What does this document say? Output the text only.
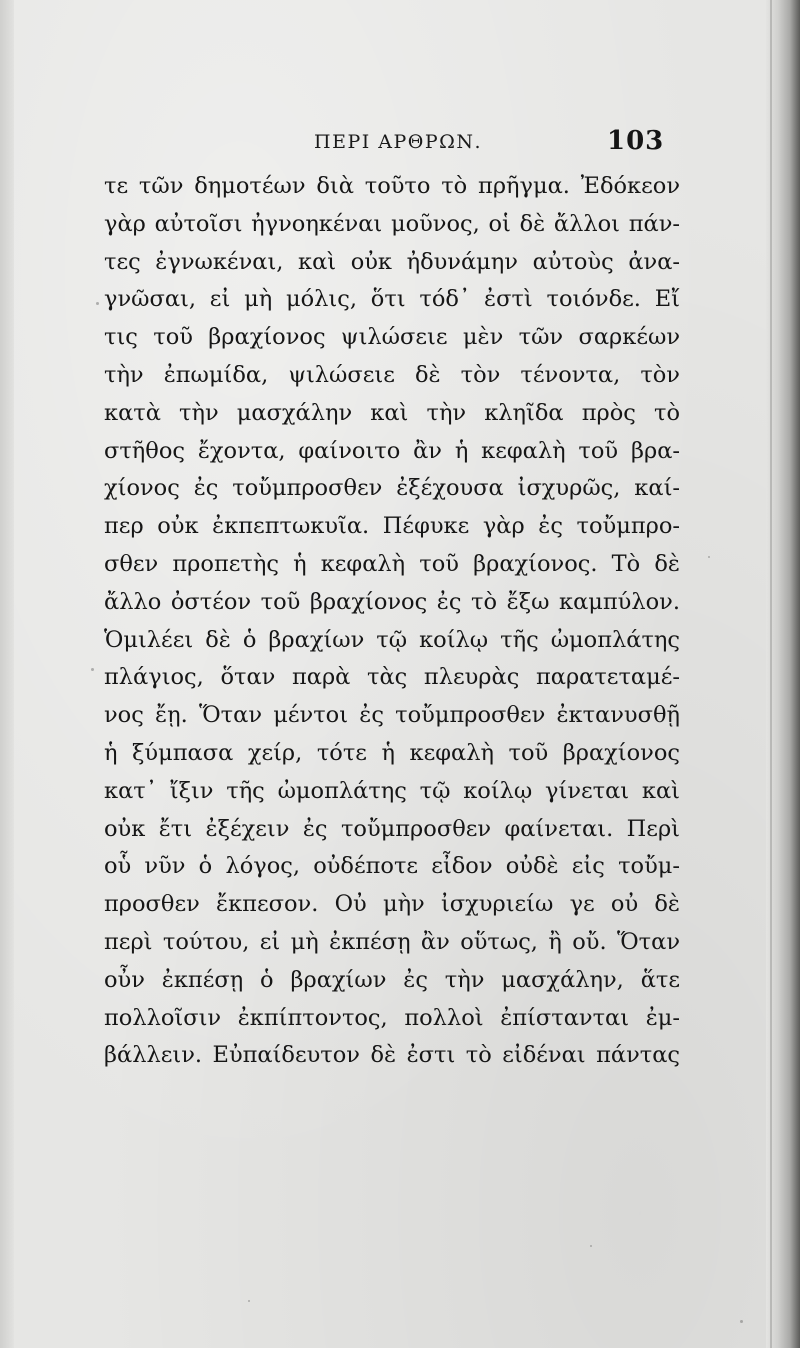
ΠΕΡΙ ΑΡΘΡΩΝ.	103
τε τῶν δημοτέων διὰ τοῦτο τὸ πρῆγμα. Ἐδόκεον
γὰρ αὐτοῖσι ἠγνοηκέναι μοῦνος, οἱ δὲ ἄλλοι πάν-
τες ἐγνωκέναι, καὶ οὐκ ἠδυνάμην αὐτοὺς ἀνα-
γνῶσαι, εἰ μὴ μόλις, ὅτι τόδ᾽ ἐστὶ τοιόνδε. Εἴ
τις τοῦ βραχίονος ψιλώσειε μὲν τῶν σαρκέων
τὴν ἐπωμίδα, ψιλώσειε δὲ τὸν τένοντα, τὸν
κατὰ τὴν μασχάλην καὶ τὴν κληῖδα πρὸς τὸ
στῆθος ἔχοντα, φαίνοιτο ἂν ἡ κεφαλὴ τοῦ βρα-
χίονος ἐς τοὔμπροσθεν ἐξέχουσα ἰσχυρῶς, καί-
περ οὐκ ἐκπεπτωκυῖα. Πέφυκε γὰρ ἐς τοὔμπρο-
σθεν προπετὴς ἡ κεφαλὴ τοῦ βραχίονος. Τὸ δὲ
ἄλλο ὀστέον τοῦ βραχίονος ἐς τὸ ἔξω καμπύλον.
Ὁμιλέει δὲ ὁ βραχίων τῷ κοίλῳ τῆς ὠμοπλάτης
πλάγιος, ὅταν παρὰ τὰς πλευρὰς παρατεταμέ-
νος ἔῃ. Ὅταν μέντοι ἐς τοὔμπροσθεν ἐκτανυσθῇ
ἡ ξύμπασα χείρ, τότε ἡ κεφαλὴ τοῦ βραχίονος
κατ᾽ ἴξιν τῆς ὠμοπλάτης τῷ κοίλῳ γίνεται καὶ
οὐκ ἔτι ἐξέχειν ἐς τοὔμπροσθεν φαίνεται. Περὶ
οὗ νῦν ὁ λόγος, οὐδέποτε εἶδον οὐδὲ εἰς τοὔμ-
προσθεν ἔκπεσον. Οὐ μὴν ἰσχυριείω γε οὐ δὲ
περὶ τούτου, εἰ μὴ ἐκπέσῃ ἂν οὕτως, ἢ οὔ. Ὅταν
οὖν ἐκπέσῃ ὁ βραχίων ἐς τὴν μασχάλην, ἅτε
πολλοῖσιν ἐκπίπτοντος, πολλοὶ ἐπίστανται ἐμ-
βάλλειν. Εὐπαίδευτον δὲ ἐστι τὸ εἰδέναι πάντας
